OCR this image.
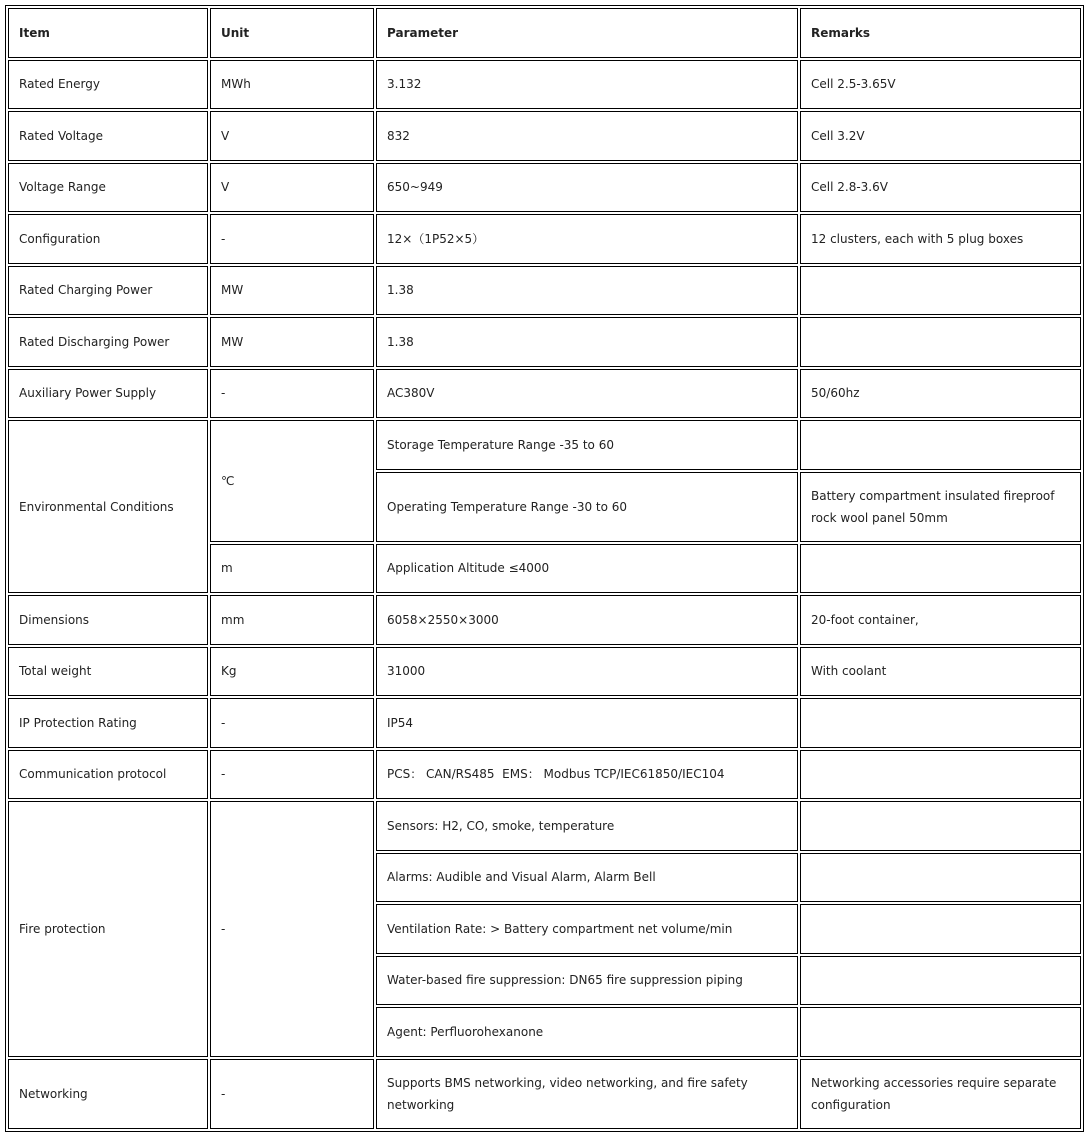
Item	Unit	Parameter	Remarks
Rated Energy	MWh	3.132	Cell 2.5-3.65V
Rated Voltage	V	832	Cell 3.2V
Voltage Range	V	650~949	Cell 2.8-3.6V
Configuration	-	12×（1P52×5）	12 clusters, each with 5 plug boxes
Rated Charging Power	MW	1.38	
Rated Discharging Power	MW	1.38	
Auxiliary Power Supply	-	AC380V	50/60hz
Environmental Conditions	℃	Storage Temperature Range -35 to 60	
		Operating Temperature Range -30 to 60	Battery compartment insulated fireproof rock wool panel 50mm
	m	Application Altitude ≤4000	
Dimensions	mm	6058×2550×3000	20-foot container,
Total weight	Kg	31000	With coolant
IP Protection Rating	-	IP54	
Communication protocol	-	PCS： CAN/RS485  EMS： Modbus TCP/IEC61850/IEC104	
Fire protection	-	Sensors: H2, CO, smoke, temperature	
		Alarms: Audible and Visual Alarm, Alarm Bell	
		Ventilation Rate: > Battery compartment net volume/min	
		Water-based fire suppression: DN65 fire suppression piping	
		Agent: Perfluorohexanone	
Networking	-	Supports BMS networking, video networking, and fire safety networking	Networking accessories require separate configuration
